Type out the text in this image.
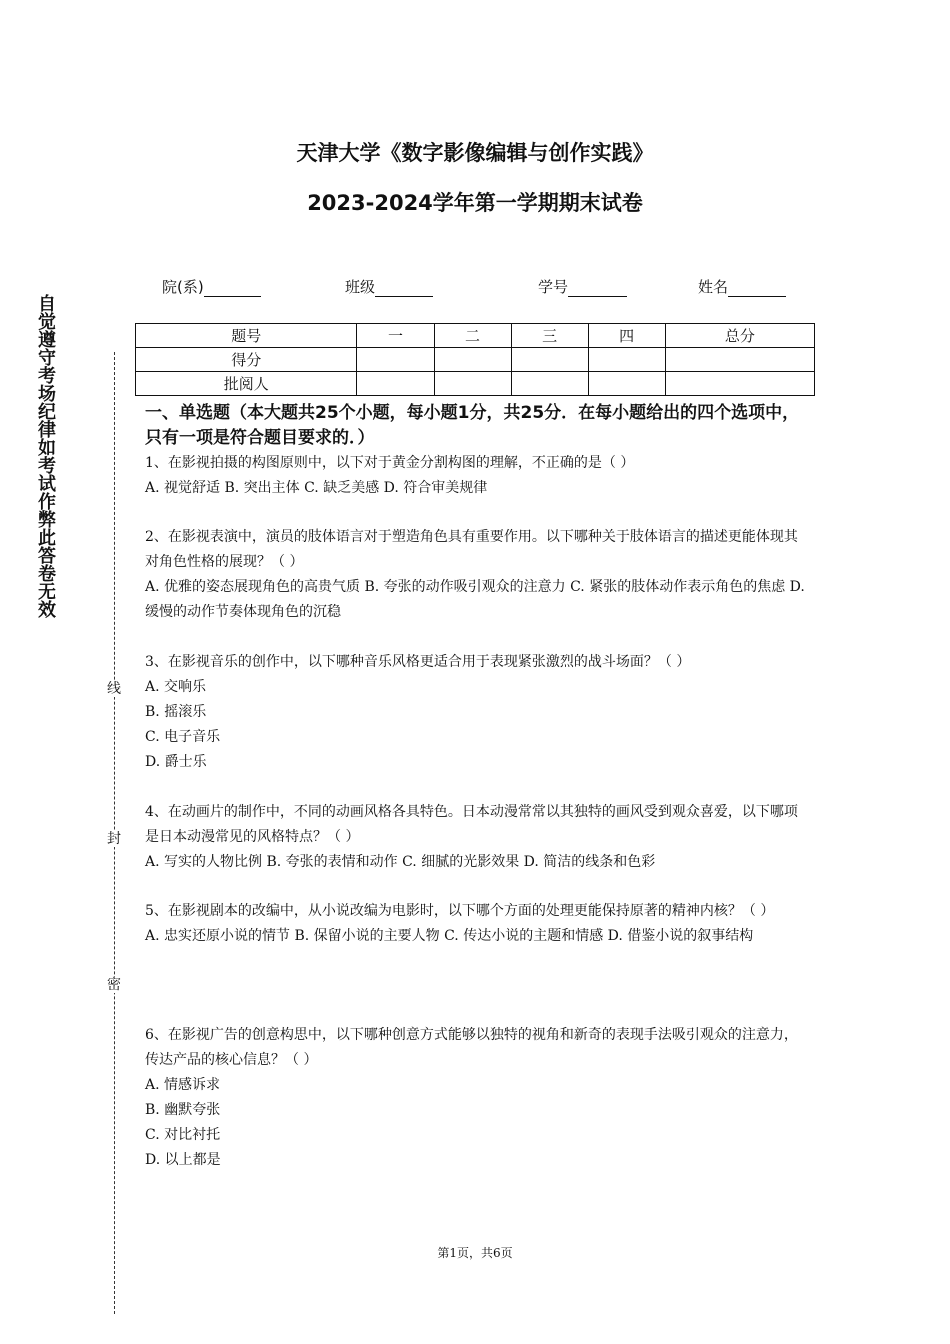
天津大学《数字影像编辑与创作实践》
2023-2024学年第一学期期末试卷
院(系)	班级	学号	姓名
题号	一	二	三	四	总分
得分					
批阅人					
一、单选题（本大题共25个小题，每小题1分，共25分．在每小题给出的四个选项中，只有一项是符合题目要求的．）

1、在影视拍摄的构图原则中，以下对于黄金分割构图的理解，不正确的是（ ）

A. 视觉舒适 B. 突出主体 C. 缺乏美感 D. 符合审美规律

2、在影视表演中，演员的肢体语言对于塑造角色具有重要作用。以下哪种关于肢体语言的描述更能体现其对角色性格的展现？（ ）

A. 优雅的姿态展现角色的高贵气质 B. 夸张的动作吸引观众的注意力 C. 紧张的肢体动作表示角色的焦虑 D. 缓慢的动作节奏体现角色的沉稳

3、在影视音乐的创作中，以下哪种音乐风格更适合用于表现紧张激烈的战斗场面？（ ）

A. 交响乐

B. 摇滚乐

C. 电子音乐

D. 爵士乐

4、在动画片的制作中，不同的动画风格各具特色。日本动漫常常以其独特的画风受到观众喜爱，以下哪项是日本动漫常见的风格特点？（ ）

A. 写实的人物比例 B. 夸张的表情和动作 C. 细腻的光影效果 D. 简洁的线条和色彩

5、在影视剧本的改编中，从小说改编为电影时，以下哪个方面的处理更能保持原著的精神内核？（ ）

A. 忠实还原小说的情节 B. 保留小说的主要人物 C. 传达小说的主题和情感 D. 借鉴小说的叙事结构

6、在影视广告的创意构思中，以下哪种创意方式能够以独特的视角和新奇的表现手法吸引观众的注意力，传达产品的核心信息？（ ）

A. 情感诉求

B. 幽默夸张

C. 对比衬托

D. 以上都是

自觉遵守考场纪律如考试作弊此答卷无效
线
封
密
第1页，共6页
